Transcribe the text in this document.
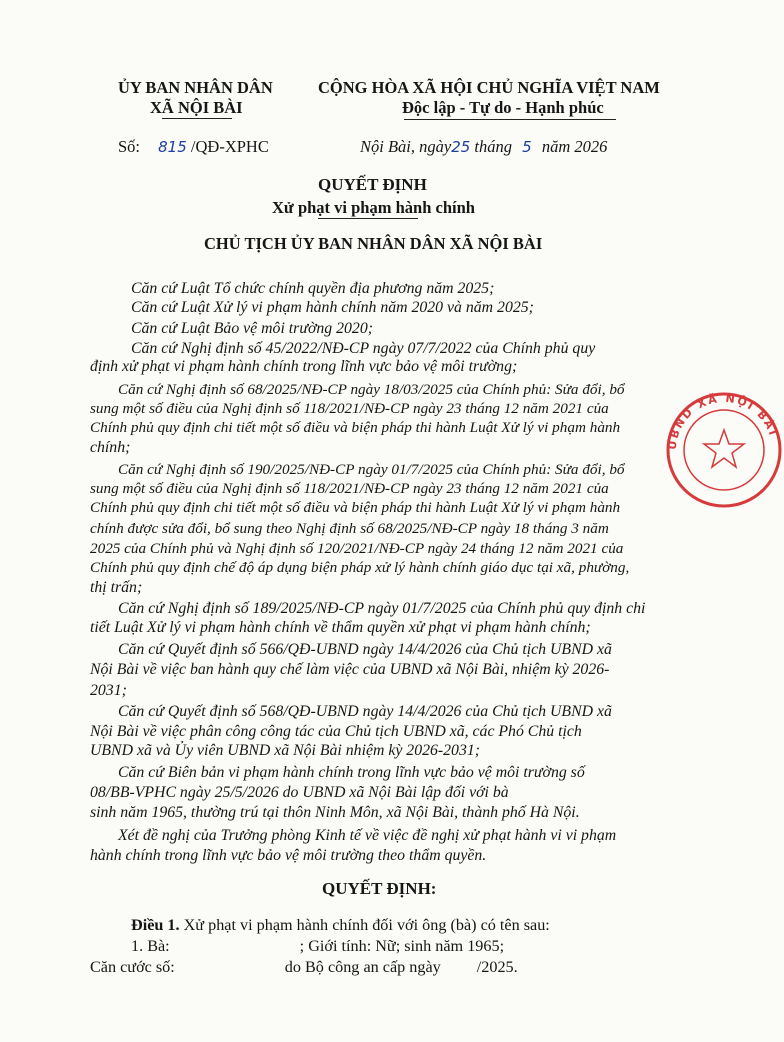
ỦY BAN NHÂN DÂN
XÃ NỘI BÀI
CỘNG HÒA XÃ HỘI CHỦ NGHĨA VIỆT NAM
Độc lập - Tự do - Hạnh phúc
Số: 815 /QĐ-XPHC	Nội Bài, ngày25 tháng 5 năm 2026
QUYẾT ĐỊNH
Xử phạt vi phạm hành chính
CHỦ TỊCH ỦY BAN NHÂN DÂN XÃ NỘI BÀI
Căn cứ Luật Tổ chức chính quyền địa phương năm 2025;
Căn cứ Luật Xử lý vi phạm hành chính năm 2020 và năm 2025;
Căn cứ Luật Bảo vệ môi trường 2020;
Căn cứ Nghị định số 45/2022/NĐ-CP ngày 07/7/2022 của Chính phủ quy
định xử phạt vi phạm hành chính trong lĩnh vực bảo vệ môi trường;
Căn cứ Nghị định số 68/2025/NĐ-CP ngày 18/03/2025 của Chính phủ: Sửa đổi, bổ
sung một số điều của Nghị định số 118/2021/NĐ-CP ngày 23 tháng 12 năm 2021 của
Chính phủ quy định chi tiết một số điều và biện pháp thi hành Luật Xử lý vi phạm hành
chính;
Căn cứ Nghị định số 190/2025/NĐ-CP ngày 01/7/2025 của Chính phủ: Sửa đổi, bổ
sung một số điều của Nghị định số 118/2021/NĐ-CP ngày 23 tháng 12 năm 2021 của
Chính phủ quy định chi tiết một số điều và biện pháp thi hành Luật Xử lý vi phạm hành
chính được sửa đổi, bổ sung theo Nghị định số 68/2025/NĐ-CP ngày 18 tháng 3 năm
2025 của Chính phủ và Nghị định số 120/2021/NĐ-CP ngày 24 tháng 12 năm 2021 của
Chính phủ quy định chế độ áp dụng biện pháp xử lý hành chính giáo dục tại xã, phường,
thị trấn;
Căn cứ Nghị định số 189/2025/NĐ-CP ngày 01/7/2025 của Chính phủ quy định chi
tiết Luật Xử lý vi phạm hành chính về thẩm quyền xử phạt vi phạm hành chính;
Căn cứ Quyết định số 566/QĐ-UBND ngày 14/4/2026 của Chủ tịch UBND xã
Nội Bài về việc ban hành quy chế làm việc của UBND xã Nội Bài, nhiệm kỳ 2026-
2031;
Căn cứ Quyết định số 568/QĐ-UBND ngày 14/4/2026 của Chủ tịch UBND xã
Nội Bài về việc phân công công tác của Chủ tịch UBND xã, các Phó Chủ tịch
UBND xã và Ủy viên UBND xã Nội Bài nhiệm kỳ 2026-2031;
Căn cứ Biên bản vi phạm hành chính trong lĩnh vực bảo vệ môi trường số
08/BB-VPHC ngày 25/5/2026 do UBND xã Nội Bài lập đối với bà
sinh năm 1965, thường trú tại thôn Ninh Môn, xã Nội Bài, thành phố Hà Nội.
Xét đề nghị của Trưởng phòng Kinh tế về việc đề nghị xử phạt hành vi vi phạm
hành chính trong lĩnh vực bảo vệ môi trường theo thẩm quyền.
QUYẾT ĐỊNH:
Điều 1. Xử phạt vi phạm hành chính đối với ông (bà) có tên sau:
1. Bà:	; Giới tính: Nữ; sinh năm 1965;
Căn cước số:	do Bộ công an cấp ngày /2025.
UBND XÃ NỘI BÀI
